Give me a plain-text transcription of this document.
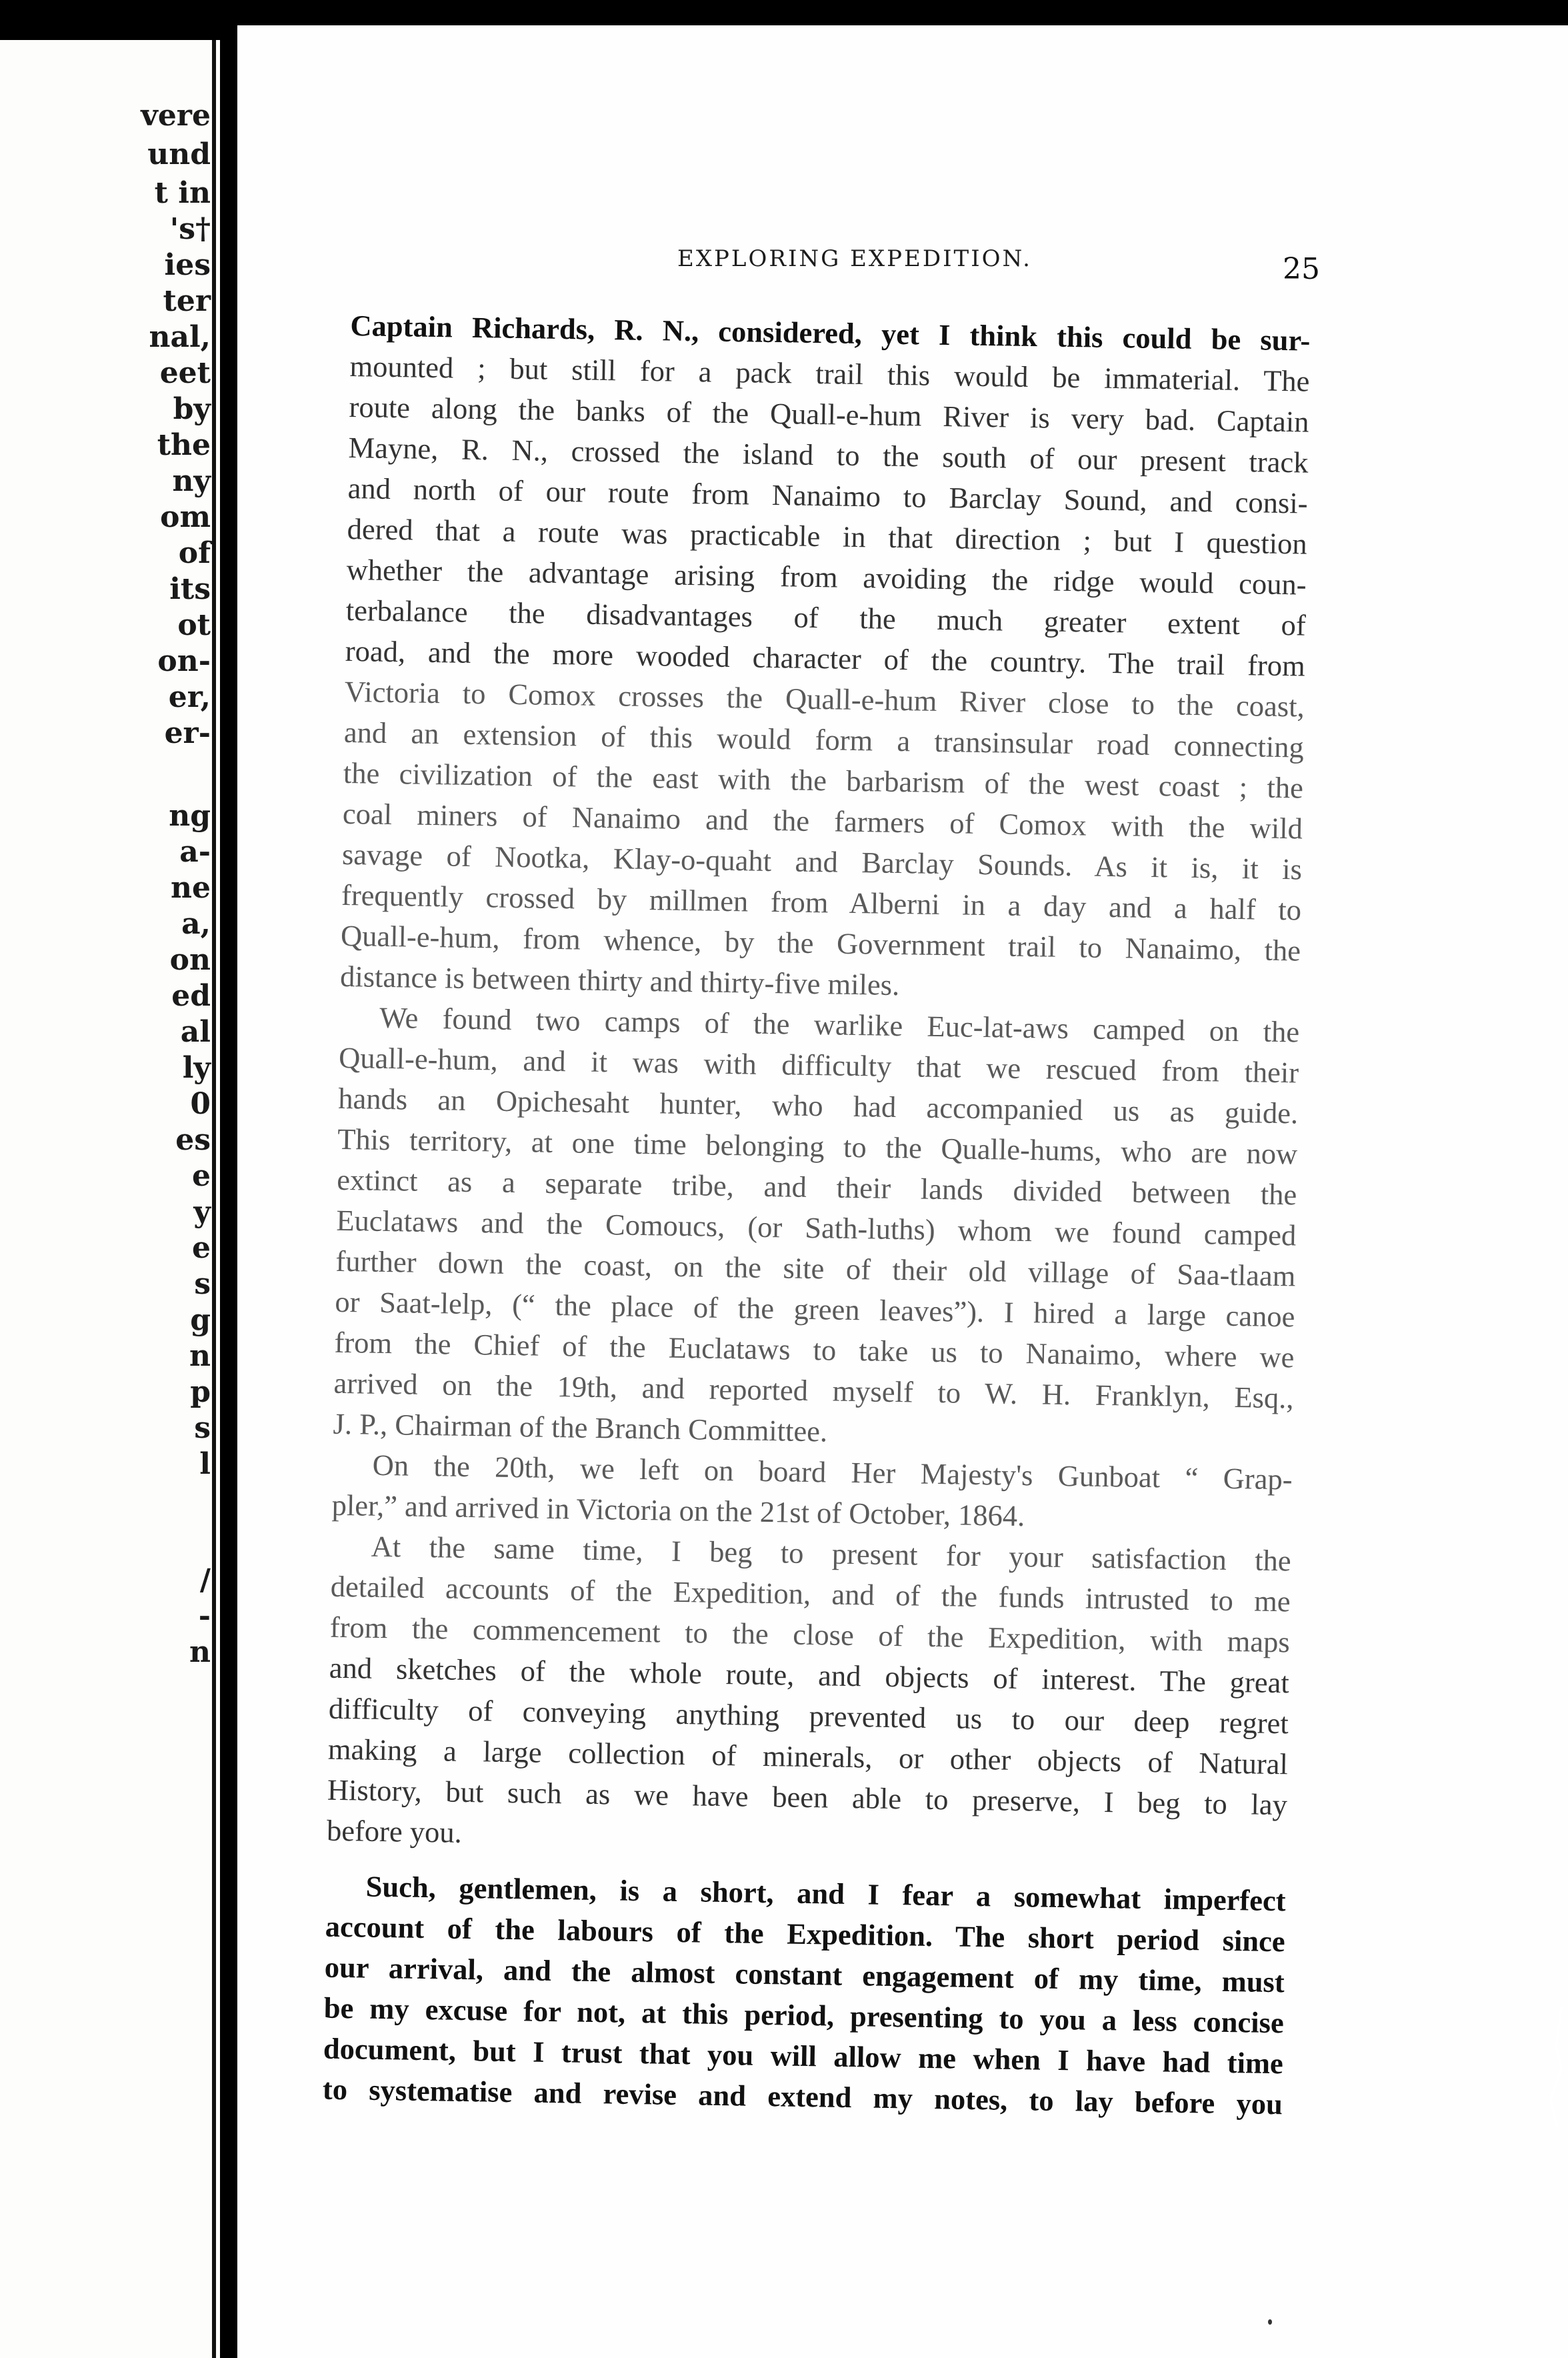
vere
und
t in
's†
ies
ter
nal,
eet
by
the
ny
om
of
its
ot
on-
er,
er-
ng
a-
ne
a,
on
ed
al
ly
0
es
e
y
e
s
g
n
p
s
l
/
-
n
EXPLORING EXPEDITION.	25
Captain Richards, R. N., considered, yet I think this could be sur-
mounted ; but still for a pack trail this would be immaterial. The
route along the banks of the Quall-e-hum River is very bad. Captain
Mayne, R. N., crossed the island to the south of our present track
and north of our route from Nanaimo to Barclay Sound, and consi-
dered that a route was practicable in that direction ; but I question
whether the advantage arising from avoiding the ridge would coun-
terbalance the disadvantages of the much greater extent of
road, and the more wooded character of the country. The trail from
Victoria to Comox crosses the Quall-e-hum River close to the coast,
and an extension of this would form a transinsular road connecting
the civilization of the east with the barbarism of the west coast ; the
coal miners of Nanaimo and the farmers of Comox with the wild
savage of Nootka, Klay-o-quaht and Barclay Sounds. As it is, it is
frequently crossed by millmen from Alberni in a day and a half to
Quall-e-hum, from whence, by the Government trail to Nanaimo, the
distance is between thirty and thirty-five miles.
We found two camps of the warlike Euc-lat-aws camped on the
Quall-e-hum, and it was with difficulty that we rescued from their
hands an Opichesaht hunter, who had accompanied us as guide.
This territory, at one time belonging to the Qualle-hums, who are now
extinct as a separate tribe, and their lands divided between the
Euclataws and the Comoucs, (or Sath-luths) whom we found camped
further down the coast, on the site of their old village of Saa-tlaam
or Saat-lelp, (“ the place of the green leaves”). I hired a large canoe
from the Chief of the Euclataws to take us to Nanaimo, where we
arrived on the 19th, and reported myself to W. H. Franklyn, Esq.,
J. P., Chairman of the Branch Committee.
On the 20th, we left on board Her Majesty's Gunboat “ Grap-
pler,” and arrived in Victoria on the 21st of October, 1864.
At the same time, I beg to present for your satisfaction the
detailed accounts of the Expedition, and of the funds intrusted to me
from the commencement to the close of the Expedition, with maps
and sketches of the whole route, and objects of interest. The great
difficulty of conveying anything prevented us to our deep regret
making a large collection of minerals, or other objects of Natural
History, but such as we have been able to preserve, I beg to lay
before you.
Such, gentlemen, is a short, and I fear a somewhat imperfect
account of the labours of the Expedition. The short period since
our arrival, and the almost constant engagement of my time, must
be my excuse for not, at this period, presenting to you a less concise
document, but I trust that you will allow me when I have had time
to systematise and revise and extend my notes, to lay before you
